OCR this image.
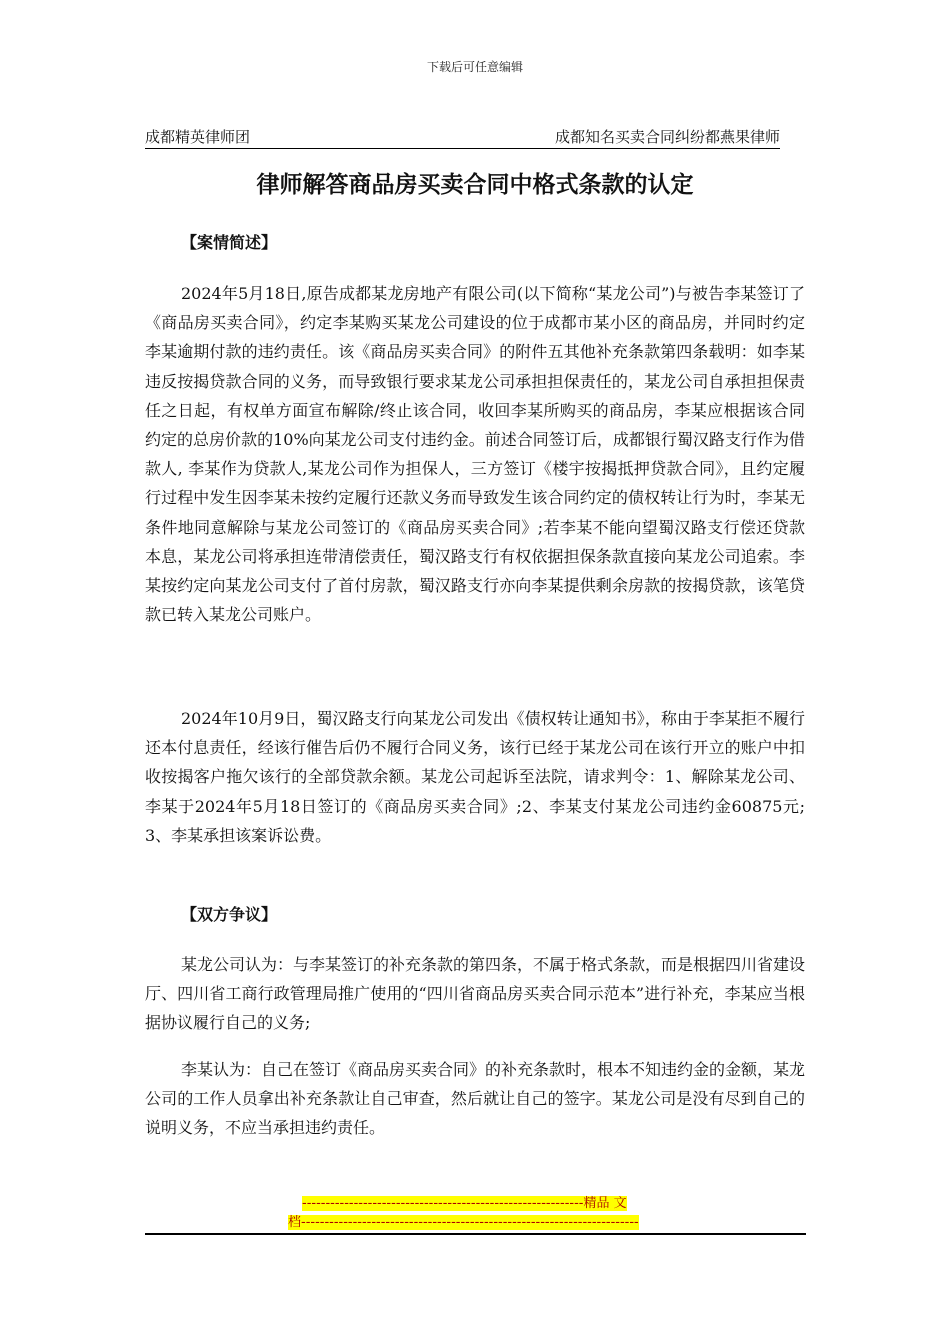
下载后可任意编辑
成都精英律师团	成都知名买卖合同纠纷都燕果律师
律师解答商品房买卖合同中格式条款的认定
【案情简述】

2024年5月18日,原告成都某龙房地产有限公司(以下简称“某龙公司”)与被告李某签订了《商品房买卖合同》，约定李某购买某龙公司建设的位于成都市某小区的商品房，并同时约定李某逾期付款的违约责任。该《商品房买卖合同》的附件五其他补充条款第四条载明：如李某违反按揭贷款合同的义务，而导致银行要求某龙公司承担担保责任的，某龙公司自承担担保责任之日起，有权单方面宣布解除/终止该合同，收回李某所购买的商品房，李某应根据该合同约定的总房价款的10%向某龙公司支付违约金。前述合同签订后，成都银行蜀汉路支行作为借款人, 李某作为贷款人,某龙公司作为担保人，三方签订《楼宇按揭抵押贷款合同》，且约定履行过程中发生因李某未按约定履行还款义务而导致发生该合同约定的债权转让行为时，李某无条件地同意解除与某龙公司签订的《商品房买卖合同》;若李某不能向望蜀汉路支行偿还贷款本息，某龙公司将承担连带清偿责任，蜀汉路支行有权依据担保条款直接向某龙公司追索。李某按约定向某龙公司支付了首付房款，蜀汉路支行亦向李某提供剩余房款的按揭贷款，该笔贷款已转入某龙公司账户。

2024年10月9日，蜀汉路支行向某龙公司发出《债权转让通知书》，称由于李某拒不履行还本付息责任，经该行催告后仍不履行合同义务，该行已经于某龙公司在该行开立的账户中扣收按揭客户拖欠该行的全部贷款余额。某龙公司起诉至法院，请求判令：1、解除某龙公司、李某于2024年5月18日签订的《商品房买卖合同》;2、李某支付某龙公司违约金60875元;3、李某承担该案诉讼费。

【双方争议】

某龙公司认为：与李某签订的补充条款的第四条，不属于格式条款，而是根据四川省建设厅、四川省工商行政管理局推广使用的“四川省商品房买卖合同示范本”进行补充，李某应当根据协议履行自己的义务;

李某认为：自己在签订《商品房买卖合同》的补充条款时，根本不知违约金的金额，某龙公司的工作人员拿出补充条款让自己审查，然后就让自己的签字。某龙公司是没有尽到自己的说明义务，不应当承担违约责任。

------------------------------------------------------------精品 文
档------------------------------------------------------------------------
